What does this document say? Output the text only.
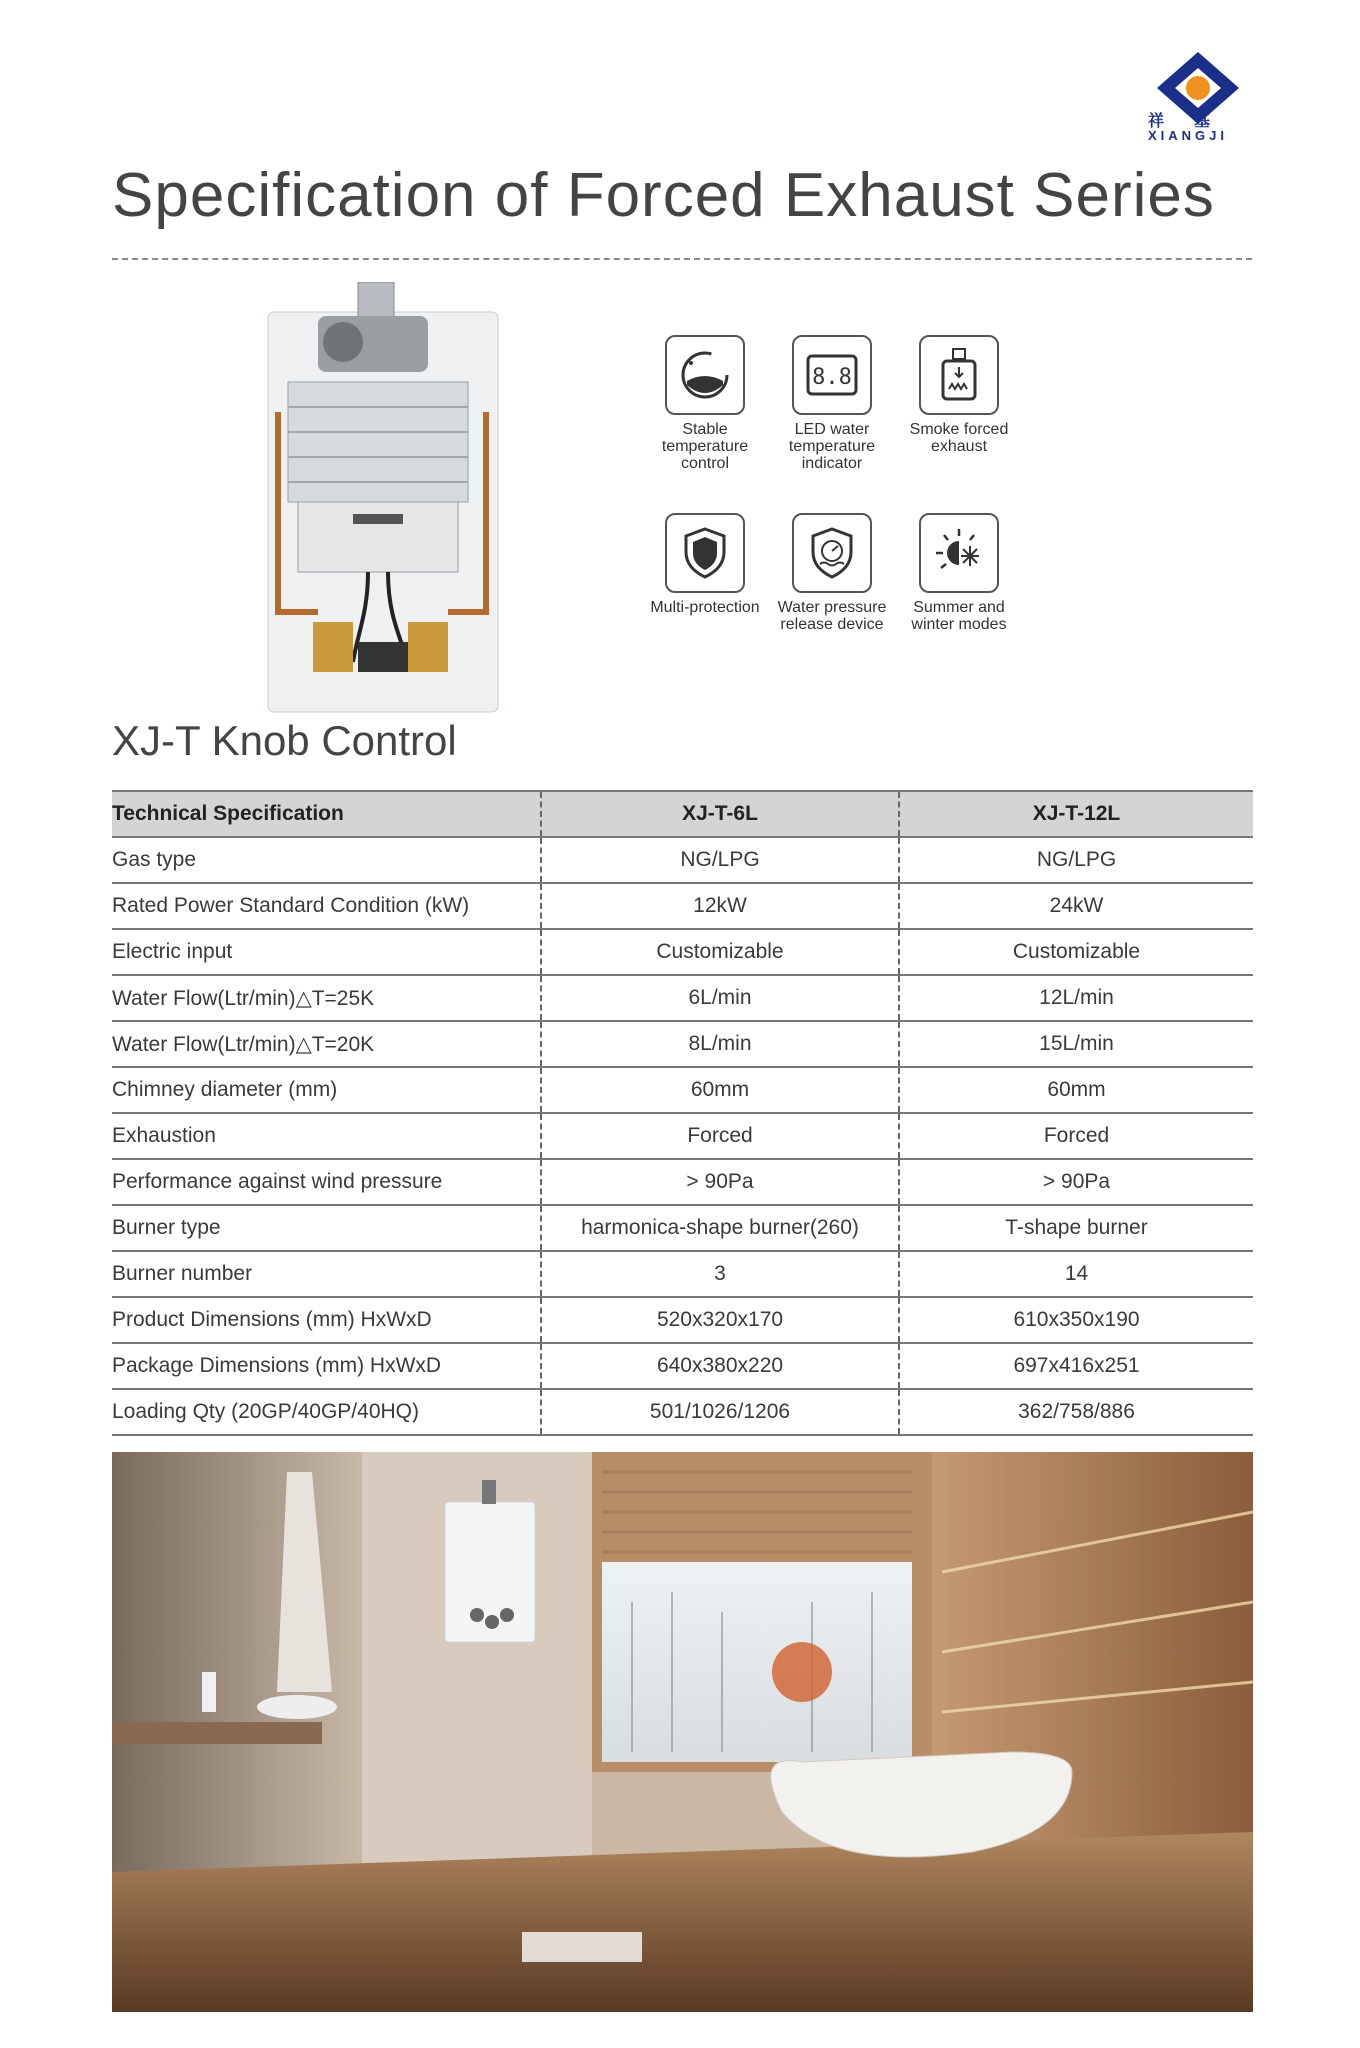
祥基
XIANGJI
Specification of Forced Exhaust Series
Stable temperature control
8.8
LED water temperature indicator
Smoke forced exhaust
Multi-protection	Water pressure release device
Summer and winter modes
XJ-T Knob Control
Technical Specification	XJ-T-6L	XJ-T-12L
Gas type	NG/LPG	NG/LPG
Rated Power Standard Condition (kW)	12kW	24kW
Electric input	Customizable	Customizable
Water Flow(Ltr/min)△T=25K	6L/min	12L/min
Water Flow(Ltr/min)△T=20K	8L/min	15L/min
Chimney diameter (mm)	60mm	60mm
Exhaustion	Forced	Forced
Performance against wind pressure	> 90Pa	> 90Pa
Burner type	harmonica-shape burner(260)	T-shape burner
Burner number	3	14
Product Dimensions (mm) HxWxD	520x320x170	610x350x190
Package Dimensions (mm) HxWxD	640x380x220	697x416x251
Loading Qty (20GP/40GP/40HQ)	501/1026/1206	362/758/886
